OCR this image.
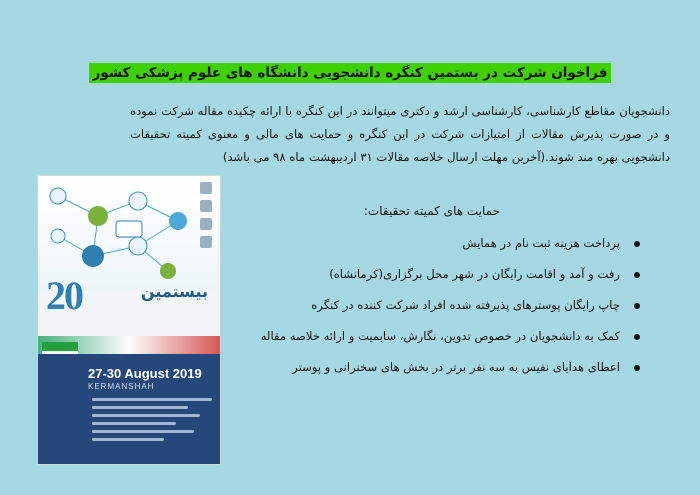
فراخوان شرکت در بستمین کنگره دانشجویی دانشگاه های علوم پزشکی کشور

دانشجویان مقاطع کارشناسی، کارشناسی ارشد و دکتری میتوانند در این کنگره با ارائه چکیده مقاله شرکت نموده و در صورت پذیرش مقالات از امتیازات شرکت در این کنگره و حمایت های مالی و معنوی کمیته تحقیقات دانشجویی بهره مند شوند.(آخرین مهلت ارسال خلاصه مقالات ۳۱ اردیبهشت ماه ۹۸ می باشد)

حمایت های کمیته تحقیقات:

پرداخت هزینه ثبت نام در همایش
رفت و آمد و اقامت رایگان در شهر محل برگزاری(کرمانشاه)
چاپ رایگان پوسترهای پذیرفته شده افراد شرکت کننده در کنگره
کمک به دانشجویان در خصوص تدوین، نگارش، سابمیت و ارائه خلاصه مقاله
اعطای هدایای نفیس به سه نفر برتر در بخش های سخنرانی و پوستر
20	بیستمین
27-30 August 2019
KERMANSHAH
